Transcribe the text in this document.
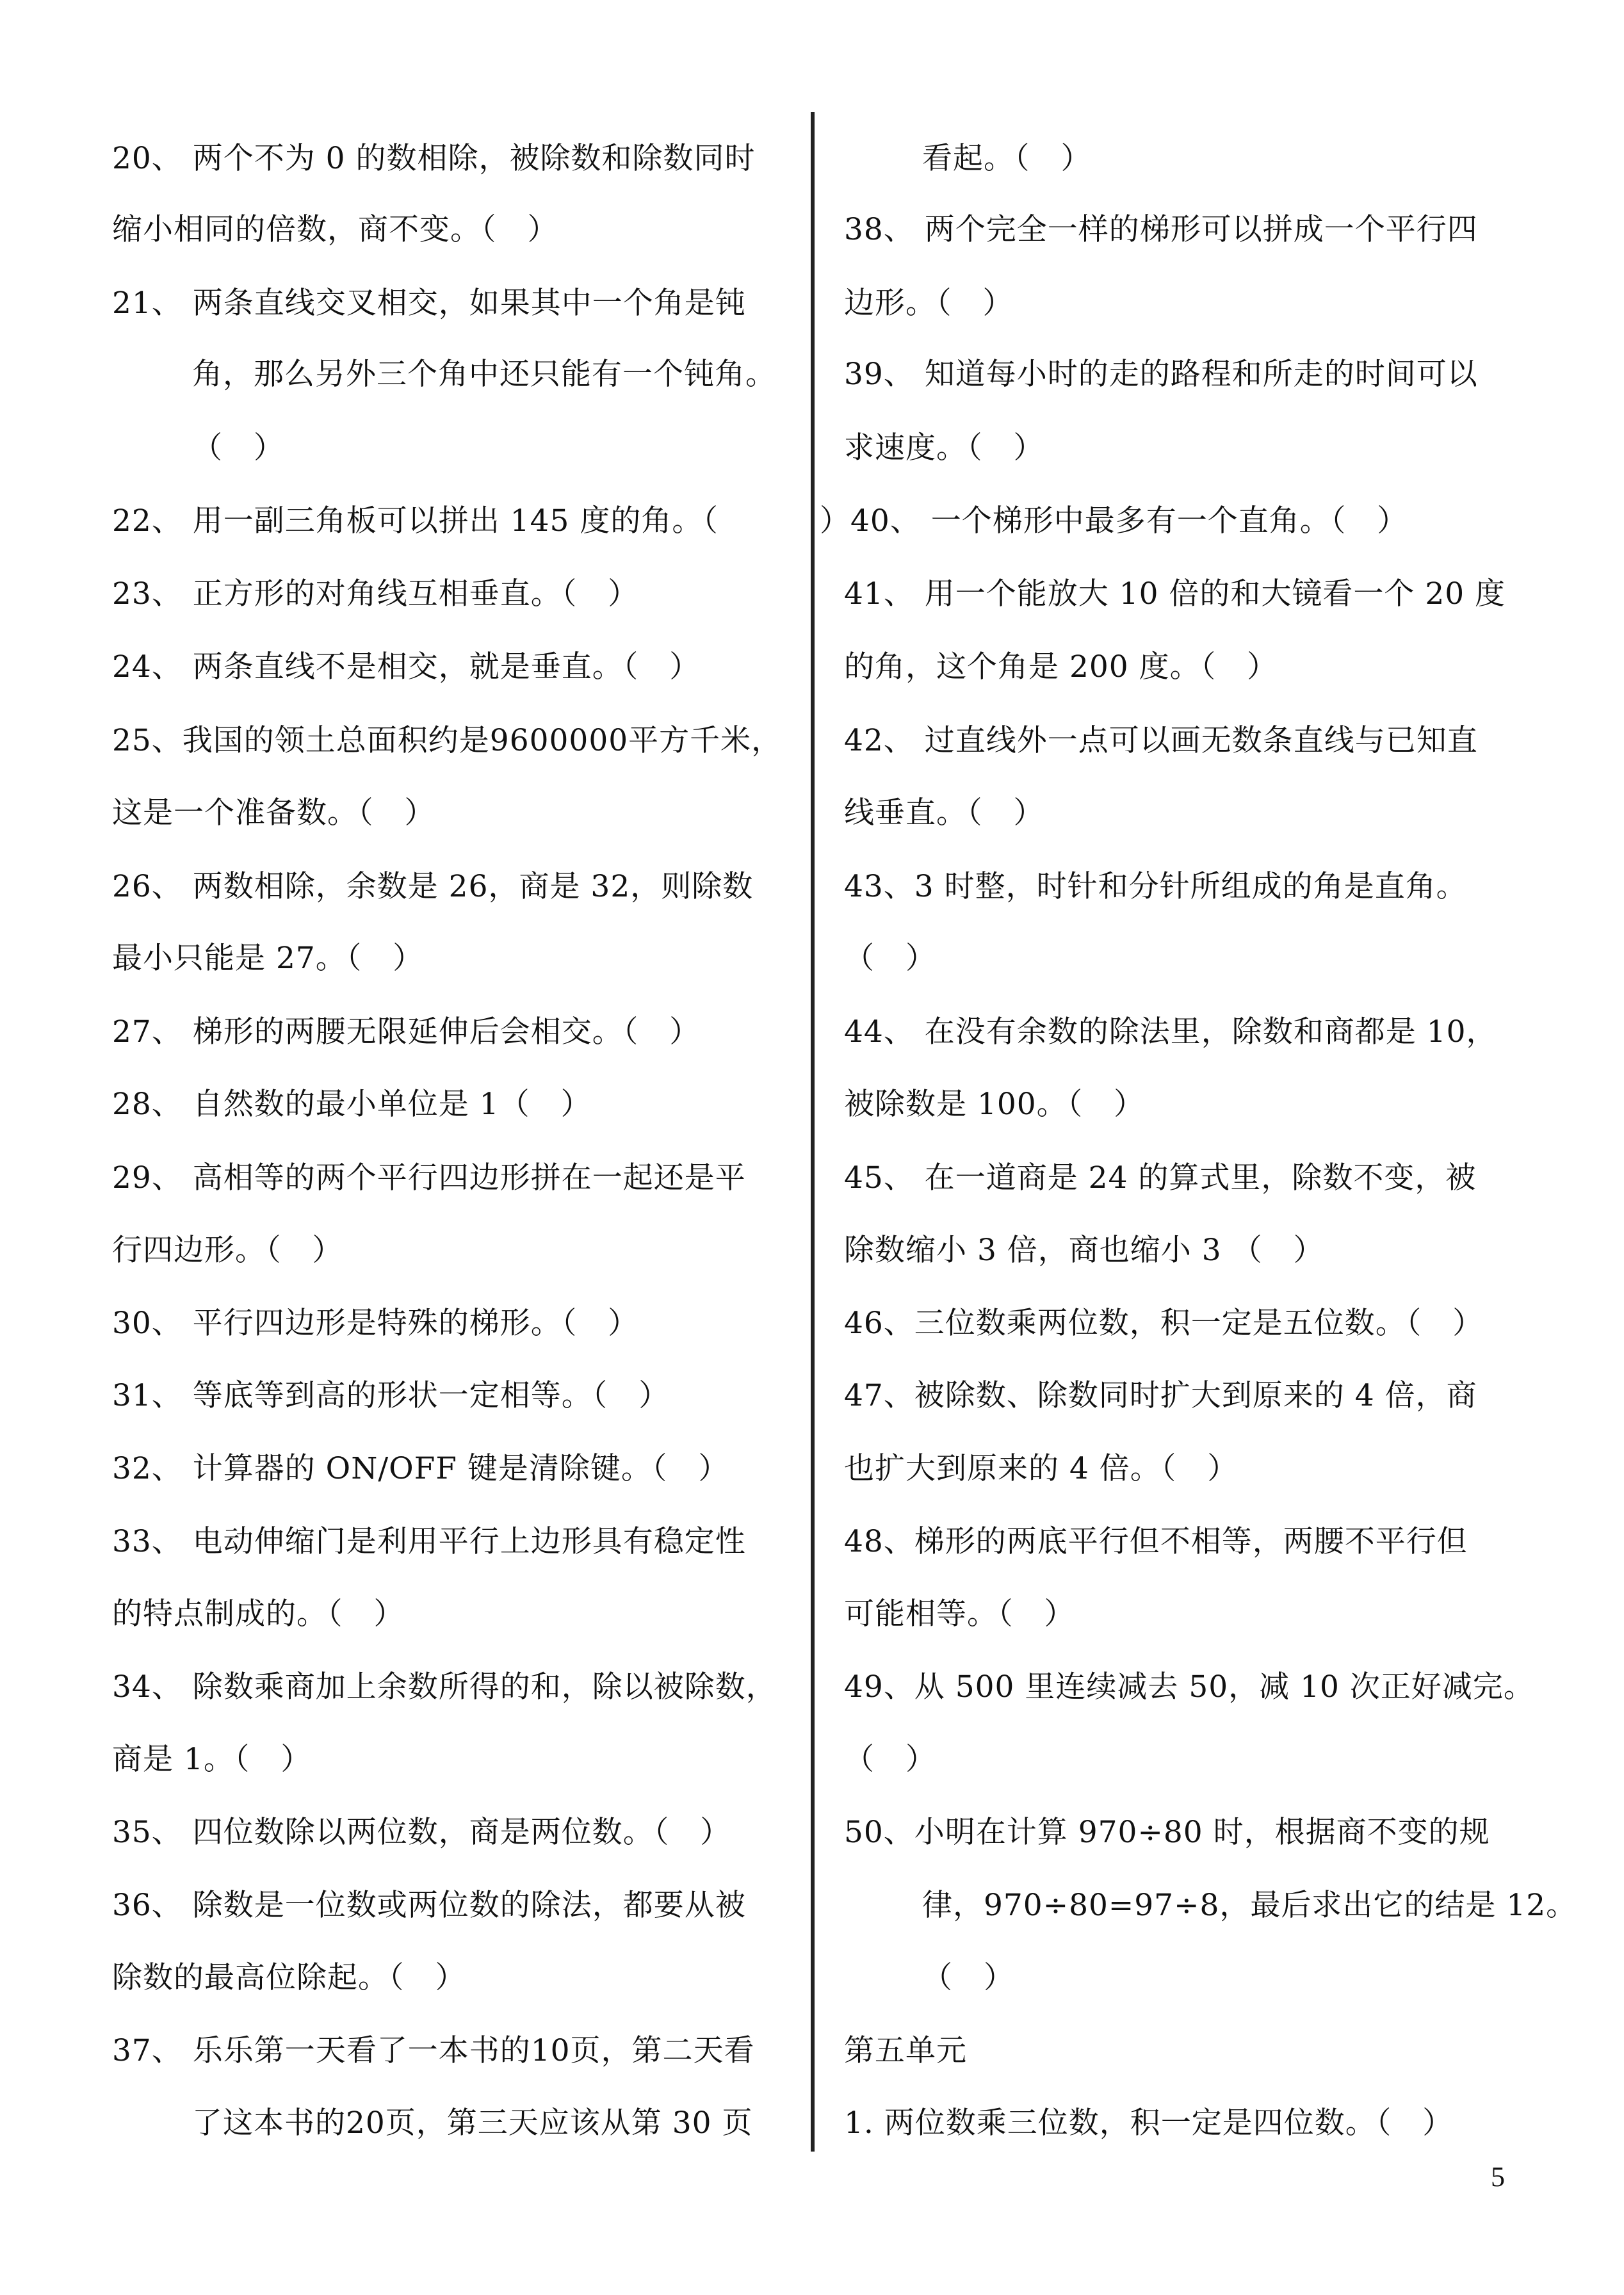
20、 两个不为 0 的数相除，被除数和除数同时
缩小相同的倍数，商不变。（　）
21、 两条直线交叉相交，如果其中一个角是钝
角，那么另外三个角中还只能有一个钝角。
（　）
22、 用一副三角板可以拼出 145 度的角。（
23、 正方形的对角线互相垂直。（　）
24、 两条直线不是相交，就是垂直。（　）
25、我国的领土总面积约是9600000平方千米，
这是一个准备数。（　）
26、 两数相除，余数是 26，商是 32，则除数
最小只能是 27。（　）
27、 梯形的两腰无限延伸后会相交。（　）
28、 自然数的最小单位是 1（　）
29、 高相等的两个平行四边形拼在一起还是平
行四边形。（　）
30、 平行四边形是特殊的梯形。（　）
31、 等底等到高的形状一定相等。（　）
32、 计算器的 ON/OFF 键是清除键。（　）
33、 电动伸缩门是利用平行上边形具有稳定性
的特点制成的。（　）
34、 除数乘商加上余数所得的和，除以被除数，
商是 1。（　）
35、 四位数除以两位数，商是两位数。（　）
36、 除数是一位数或两位数的除法，都要从被
除数的最高位除起。（　）
37、 乐乐第一天看了一本书的10页，第二天看
了这本书的20页，第三天应该从第 30 页
看起。（　）
38、 两个完全一样的梯形可以拼成一个平行四
边形。（　）
39、 知道每小时的走的路程和所走的时间可以
求速度。（　）
）40、 一个梯形中最多有一个直角。（　）
41、 用一个能放大 10 倍的和大镜看一个 20 度
的角，这个角是 200 度。（　）
42、 过直线外一点可以画无数条直线与已知直
线垂直。（　）
43、3 时整，时针和分针所组成的角是直角。
（　）
44、 在没有余数的除法里，除数和商都是 10，
被除数是 100。（　）
45、 在一道商是 24 的算式里，除数不变，被
除数缩小 3 倍，商也缩小 3 （　）
46、三位数乘两位数，积一定是五位数。（　）
47、被除数、除数同时扩大到原来的 4 倍，商
也扩大到原来的 4 倍。（　）
48、梯形的两底平行但不相等，两腰不平行但
可能相等。（　）
49、从 500 里连续减去 50，减 10 次正好减完。
（　）
50、小明在计算 970÷80 时，根据商不变的规
律，970÷80=97÷8，最后求出它的结是 12。
（　）
第五单元
1. 两位数乘三位数，积一定是四位数。（　）
5
